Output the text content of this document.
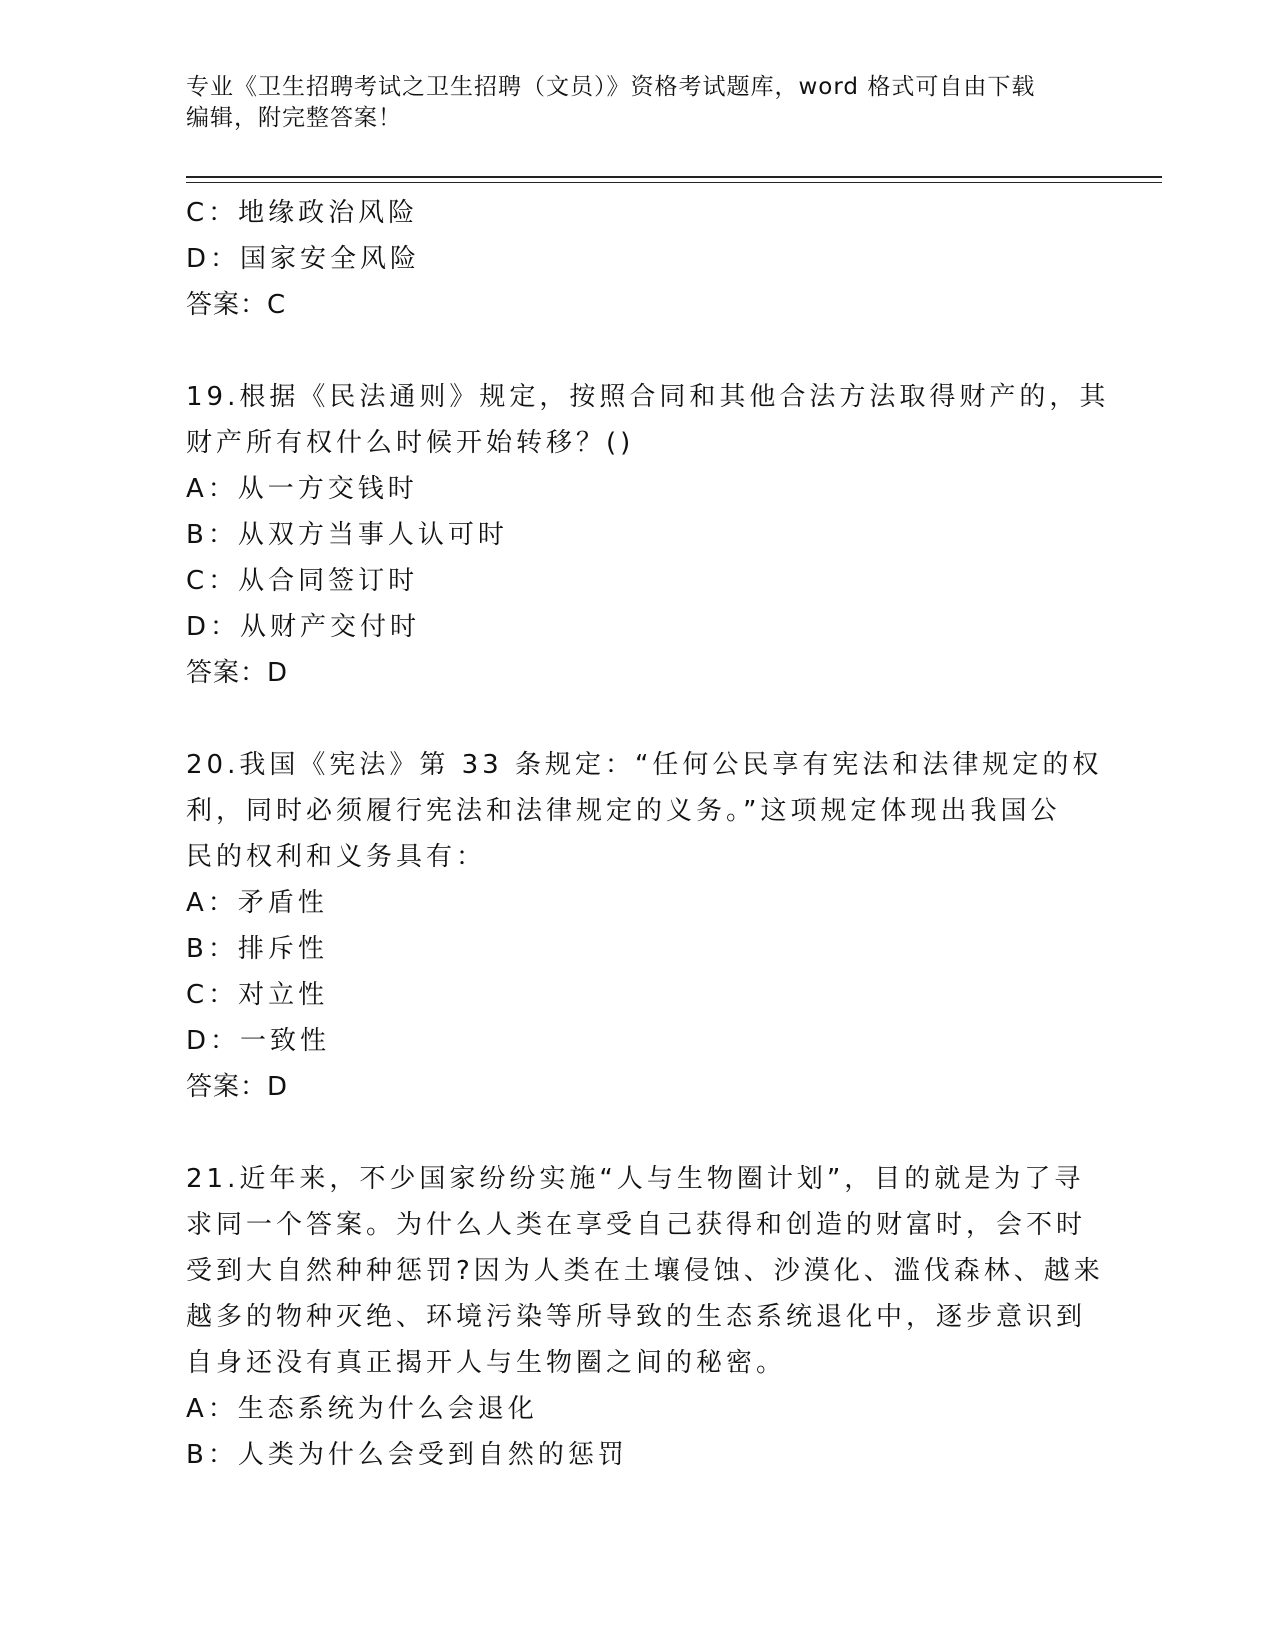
专业《卫生招聘考试之卫生招聘（文员）》资格考试题库，word 格式可自由下载
编辑，附完整答案！
C：地缘政治风险
D：国家安全风险
答案：C
19.根据《民法通则》规定，按照合同和其他合法方法取得财产的，其
财产所有权什么时候开始转移？()
A：从一方交钱时
B：从双方当事人认可时
C：从合同签订时
D：从财产交付时
答案：D
20.我国《宪法》第 33 条规定：“任何公民享有宪法和法律规定的权
利，同时必须履行宪法和法律规定的义务。”这项规定体现出我国公
民的权利和义务具有：
A：矛盾性
B：排斥性
C：对立性
D：一致性
答案：D
21.近年来，不少国家纷纷实施“人与生物圈计划”，目的就是为了寻
求同一个答案。为什么人类在享受自己获得和创造的财富时，会不时
受到大自然种种惩罚?因为人类在土壤侵蚀、沙漠化、滥伐森林、越来
越多的物种灭绝、环境污染等所导致的生态系统退化中，逐步意识到
自身还没有真正揭开人与生物圈之间的秘密。
A：生态系统为什么会退化
B：人类为什么会受到自然的惩罚
